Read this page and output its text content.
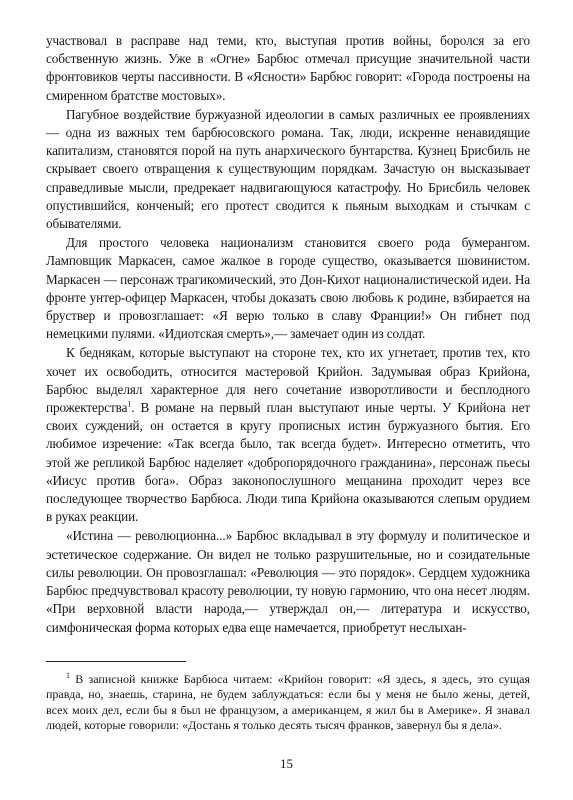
участвовал в расправе над теми, кто, выступая против войны, боролся за его собственную жизнь. Уже в «Огне» Барбюс отмечал присущие значительной части фронтовиков черты пассивности. В «Ясности» Барбюс говорит: «Города построены на смиренном братстве мостовых».

Пагубное воздействие буржуазной идеологии в самых различных ее проявлениях — одна из важных тем барбюсовского романа. Так, люди, искренне ненавидящие капитализм, становятся порой на путь анархического бунтарства. Кузнец Брисбиль не скрывает своего отвращения к существующим порядкам. Зачастую он высказывает справедливые мысли, предрекает надвигающуюся катастрофу. Но Брисбиль человек опустившийся, конченый; его протест сводится к пьяным выходкам и стычкам с обывателями.

Для простого человека национализм становится своего рода бумерангом. Ламповщик Маркасен, самое жалкое в городе существо, оказывается шовинистом. Маркасен — персонаж трагикомический, это Дон-Кихот националистической идеи. На фронте унтер-офицер Маркасен, чтобы доказать свою любовь к родине, взбирается на бруствер и провозглашает: «Я верю только в славу Франции!» Он гибнет под немецкими пулями. «Идиотская смерть»,— замечает один из солдат.

К беднякам, которые выступают на стороне тех, кто их угнетает, против тех, кто хочет их освободить, относится мастеровой Крийон. Задумывая образ Крийона, Барбюс выделял характерное для него сочетание изворотливости и бесплодного прожектерства$^1$. В романе на первый план выступают иные черты. У Крийона нет своих суждений, он остается в кругу прописных истин буржуазного бытия. Его любимое изречение: «Так всегда было, так всегда будет». Интересно отметить, что этой же репликой Барбюс наделяет «добропорядочного гражданина», персонаж пьесы «Иисус против бога». Образ законопослушного мещанина проходит через все последующее творчество Барбюса. Люди типа Крийона оказываются слепым орудием в руках реакции.

«Истина — революционна...» Барбюс вкладывал в эту формулу и политическое и эстетическое содержание. Он видел не только разрушительные, но и созидательные силы революции. Он провозглашал: «Революция — это порядок». Сердцем художника Барбюс предчувствовал красоту революции, ту новую гармонию, что она несет людям. «При верховной власти народа,— утверждал он,— литература и искусство, симфоническая форма которых едва еще намечается, приобретут неслыхан-

$^1$ В записной книжке Барбюса читаем: «Крийон говорит: «Я здесь, я здесь, это сущая правда, но, знаешь, старина, не будем заблуждаться: если бы у меня не было жены, детей, всех моих дел, если бы я был не французом, а американцем, я жил бы в Америке». Я знавал людей, которые говорили: «Достань я только десять тысяч франков, завернул бы я дела».

15
